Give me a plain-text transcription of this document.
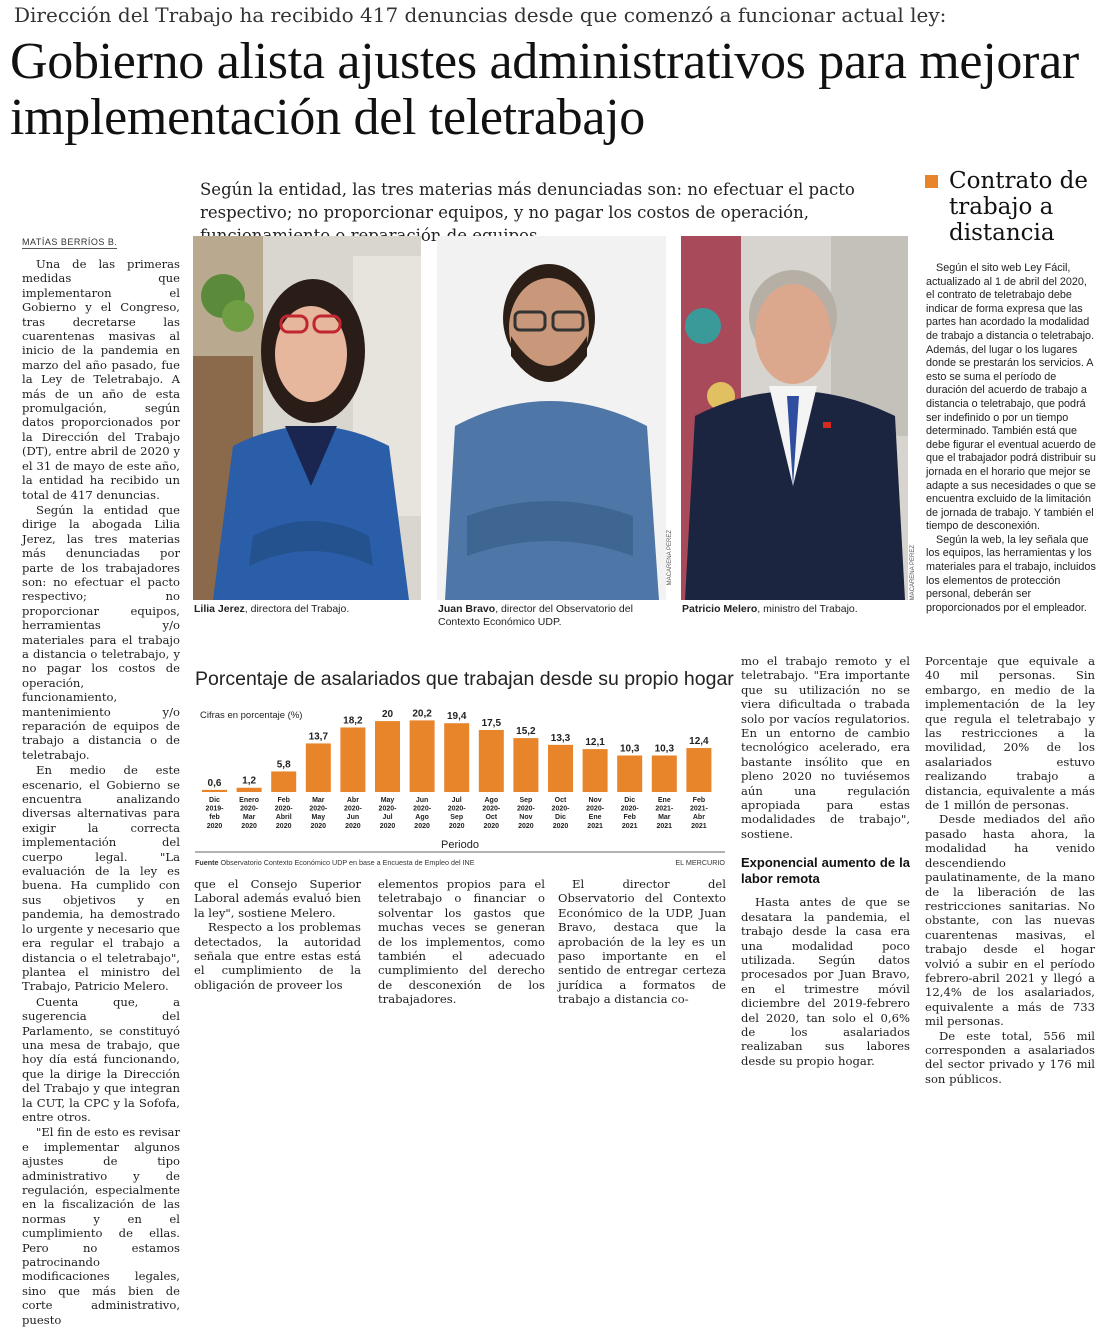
Dirección del Trabajo ha recibido 417 denuncias desde que comenzó a funcionar actual ley:
Gobierno alista ajustes administrativos para mejorar implementación del teletrabajo
Según la entidad, las tres materias más denunciadas son: no efectuar el pacto respectivo; no proporcionar equipos, y no pagar los costos de operación,
MATÍAS BERRÍOS B.

Una de las primeras medidas que implementaron el Gobierno y el Congreso, tras decretarse las cuarentenas masivas al inicio de la pandemia en marzo del año pasado, fue la Ley de Teletrabajo. A más de un año de esta promulgación, según datos proporcionados por la Dirección del Trabajo (DT), entre abril de 2020 y el 31 de mayo de este año, la entidad ha recibido un total de 417 denuncias.

Según la entidad que dirige la abogada Lilia Jerez, las tres materias más denunciadas por parte de los trabajadores son: no efectuar el pacto respectivo; no proporcionar equipos, herramientas y/o materiales para el trabajo a distancia o teletrabajo, y no pagar los costos de operación, funcionamiento, mantenimiento y/o reparación de equipos de trabajo a distancia o de teletrabajo.

En medio de este escenario, el Gobierno se encuentra analizando diversas alternativas para exigir la correcta implementación del cuerpo legal. "La evaluación de la ley es buena. Ha cumplido con sus objetivos y en pandemia, ha demostrado lo urgente y necesario que era regular el trabajo a distancia o el teletrabajo", plantea el ministro del Trabajo, Patricio Melero.

Cuenta que, a sugerencia del Parlamento, se constituyó una mesa de trabajo, que hoy día está funcionando, que la dirige la Dirección del Trabajo y que integran la CUT, la CPC y la Sofofa, entre otros.

"El fin de esto es revisar e implementar algunos ajustes de tipo administrativo y de regulación, especialmente en la fiscalización de las normas y en el cumplimiento de ellas. Pero no estamos patrocinando modificaciones legales, sino que más bien de corte administrativo, puesto

Lilia Jerez, directora del Trabajo.
MACARENA PÉREZ
Juan Bravo, director del Observatorio del Contexto Económico UDP.
MACARENA PÉREZ
Patricio Melero, ministro del Trabajo.
Contrato de trabajo a distancia

Según el sito web Ley Fácil, actualizado al 1 de abril del 2020, el contrato de teletrabajo debe indicar de forma expresa que las partes han acordado la modalidad de trabajo a distancia o teletrabajo. Además, del lugar o los lugares donde se prestarán los servicios. A esto se suma el período de duración del acuerdo de trabajo a distancia o teletrabajo, que podrá ser indefinido o por un tiempo determinado. También está que debe figurar el eventual acuerdo de que el trabajador podrá distribuir su jornada en el horario que mejor se adapte a sus necesidades o que se encuentra excluido de la limitación de jornada de trabajo. Y también el tiempo de desconexión.

Según la web, la ley señala que los equipos, las herramientas y los materiales para el trabajo, incluidos los elementos de protección personal, deberán ser proporcionados por el empleador.

Porcentaje de asalariados que trabajan desde su propio hogar
Cifras en porcentaje (%)
0,6
Dic
2019-
feb
2020
1,2
Enero
2020-
Mar
2020
5,8
Feb
2020-
Abril
2020
13,7
Mar
2020-
May
2020
18,2
Abr
2020-
Jun
2020
20
May
2020-
Jul
2020
20,2
Jun
2020-
Ago
2020
19,4
Jul
2020-
Sep
2020
17,5
Ago
2020-
Oct
2020
15,2
Sep
2020-
Nov
2020
13,3
Oct
2020-
Dic
2020
12,1
Nov
2020-
Ene
2021
10,3
Dic
2020-
Feb
2021
10,3
Ene
2021-
Mar
2021
12,4
Feb
2021-
Abr
2021
Periodo
Fuente Observatorio Contexto Económico UDP en base a Encuesta de Empleo del INE	EL MERCURIO

que el Consejo Superior Laboral además evaluó bien la ley", sostiene Melero.

Respecto a los problemas detectados, la autoridad señala que entre estas está el cumplimiento de la obligación de proveer los

elementos propios para el teletrabajo o financiar o solventar los gastos que muchas veces se generan de los implementos, como también el adecuado cumplimiento del derecho de desconexión de los trabajadores.

El director del Observatorio del Contexto Económico de la UDP, Juan Bravo, destaca que la aprobación de la ley es un paso importante en el sentido de entregar certeza jurídica a formatos de trabajo a distancia co-

mo el trabajo remoto y el teletrabajo. "Era importante que su utilización no se viera dificultada o trabada solo por vacíos regulatorios. En un entorno de cambio tecnológico acelerado, era bastante insólito que en pleno 2020 no tuviésemos aún una regulación apropiada para estas modalidades de trabajo", sostiene.

Exponencial aumento de la labor remota

Hasta antes de que se desatara la pandemia, el trabajo desde la casa era una modalidad poco utilizada. Según datos procesados por Juan Bravo, en el trimestre móvil diciembre del 2019-febrero del 2020, tan solo el 0,6% de los asalariados realizaban sus labores desde su propio hogar.

Porcentaje que equivale a 40 mil personas. Sin embargo, en medio de la implementación de la ley que regula el teletrabajo y las restricciones a la movilidad, 20% de los asalariados estuvo realizando trabajo a distancia, equivalente a más de 1 millón de personas.

Desde mediados del año pasado hasta ahora, la modalidad ha venido descendiendo paulatinamente, de la mano de la liberación de las restricciones sanitarias. No obstante, con las nuevas cuarentenas masivas, el trabajo desde el hogar volvió a subir en el período febrero-abril 2021 y llegó a 12,4% de los asalariados, equivalente a más de 733 mil personas.

De este total, 556 mil corresponden a asalariados del sector privado y 176 mil son públicos.
